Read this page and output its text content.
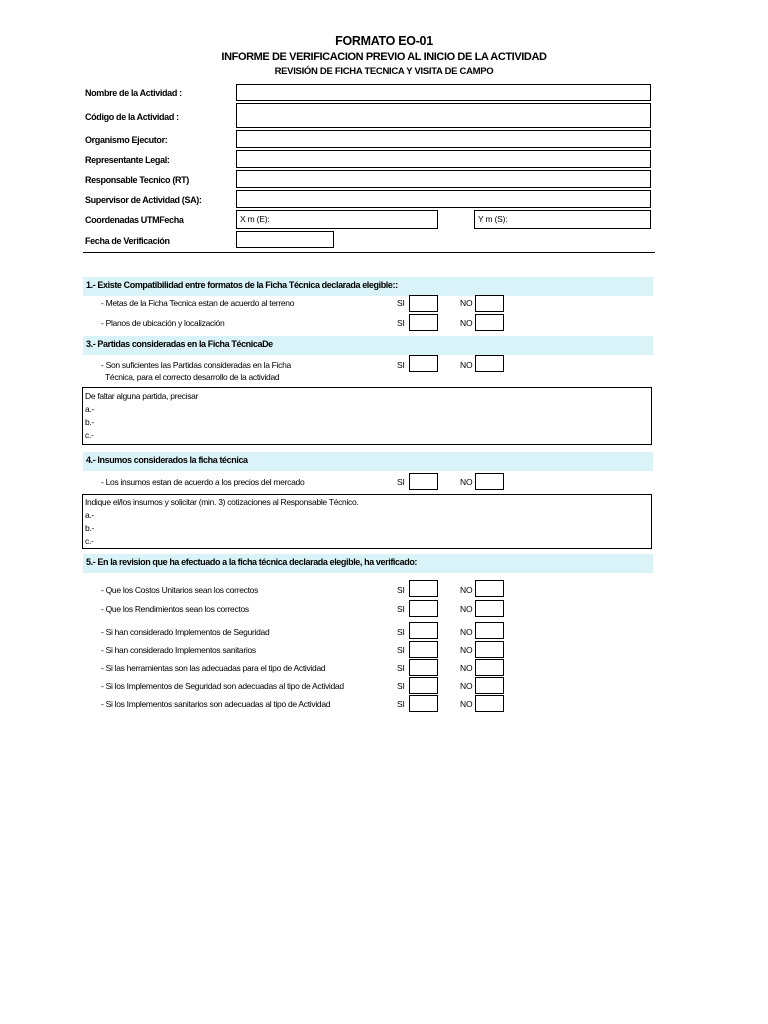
FORMATO EO-01
INFORME DE VERIFICACION PREVIO AL INICIO DE LA ACTIVIDAD
REVISIÓN DE FICHA TECNICA Y VISITA DE CAMPO
Nombre de la Actividad :
Código de la Actividad :
Organismo Ejecutor:
Representante Legal:
Responsable Tecnico (RT)
Supervisor de Actividad (SA):
Coordenadas UTMFecha	X m (E):	Y m (S):
Fecha de Verificación
1.- Existe Compatibilidad entre formatos de la Ficha Técnica declarada elegible::
- Metas de la Ficha Tecnica estan de acuerdo al terreno	SI	NO
- Planos de ubicación y localización	SI	NO
3.- Partidas consideradas en la Ficha TécnicaDe
- Son suficientes las Partidas consideradas en la Ficha
Técnica, para el correcto desarrollo de la actividad
SI	NO
De faltar alguna partida, precisar
a.-
b.-
c.-
4.- Insumos considerados la ficha técnica
- Los insumos estan de acuerdo a los precios del mercado	SI	NO
Indique el/los insumos y solicitar (min. 3) cotizaciones al Responsable Técnico.
a.-
b.-
c.-
5.- En la revision que ha efectuado a la ficha técnica declarada elegible, ha verificado:
- Que los Costos Unitarios sean los correctos	SI	NO
- Que los Rendimientos sean los correctos	SI	NO
- Si han considerado Implementos de Seguridad	SI	NO
- Si han considerado Implementos sanitarios	SI	NO
- Si las herramientas son las adecuadas para el tipo de Actividad	SI	NO
- Si los Implementos de Seguridad son adecuadas al tipo de Actividad	SI	NO
- Si los Implementos sanitarios son adecuadas al tipo de Actividad	SI	NO
